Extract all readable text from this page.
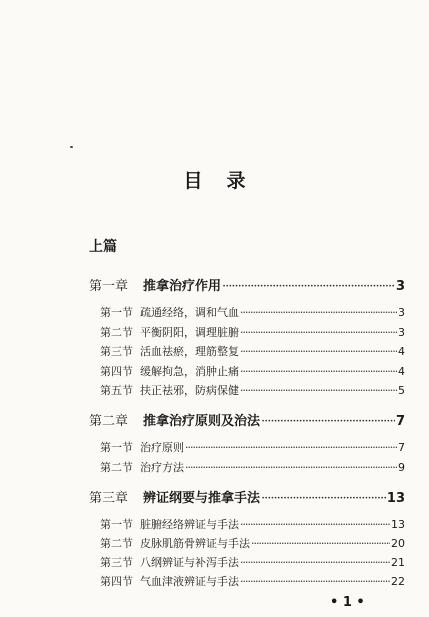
目录
上篇
第一章	推拿治疗作用 ·····	3
第一节 疏通经络，调和气血 ·····	3
第二节 平衡阴阳，调理脏腑 ·····	3
第三节 活血祛瘀，理筋整复 ·····	4
第四节 缓解拘急，消肿止痛 ·····	4
第五节 扶正祛邪，防病保健 ·····	5
第二章	推拿治疗原则及治法 ·····	7
第一节 治疗原则 ·····	7
第二节 治疗方法 ·····	9
第三章	辨证纲要与推拿手法 ·····	13
第一节 脏腑经络辨证与手法 ·····	13
第二节 皮脉肌筋骨辨证与手法 ·····	20
第三节 八纲辨证与补泻手法 ·····	21
第四节 气血津液辨证与手法 ·····	22
• 1 •
